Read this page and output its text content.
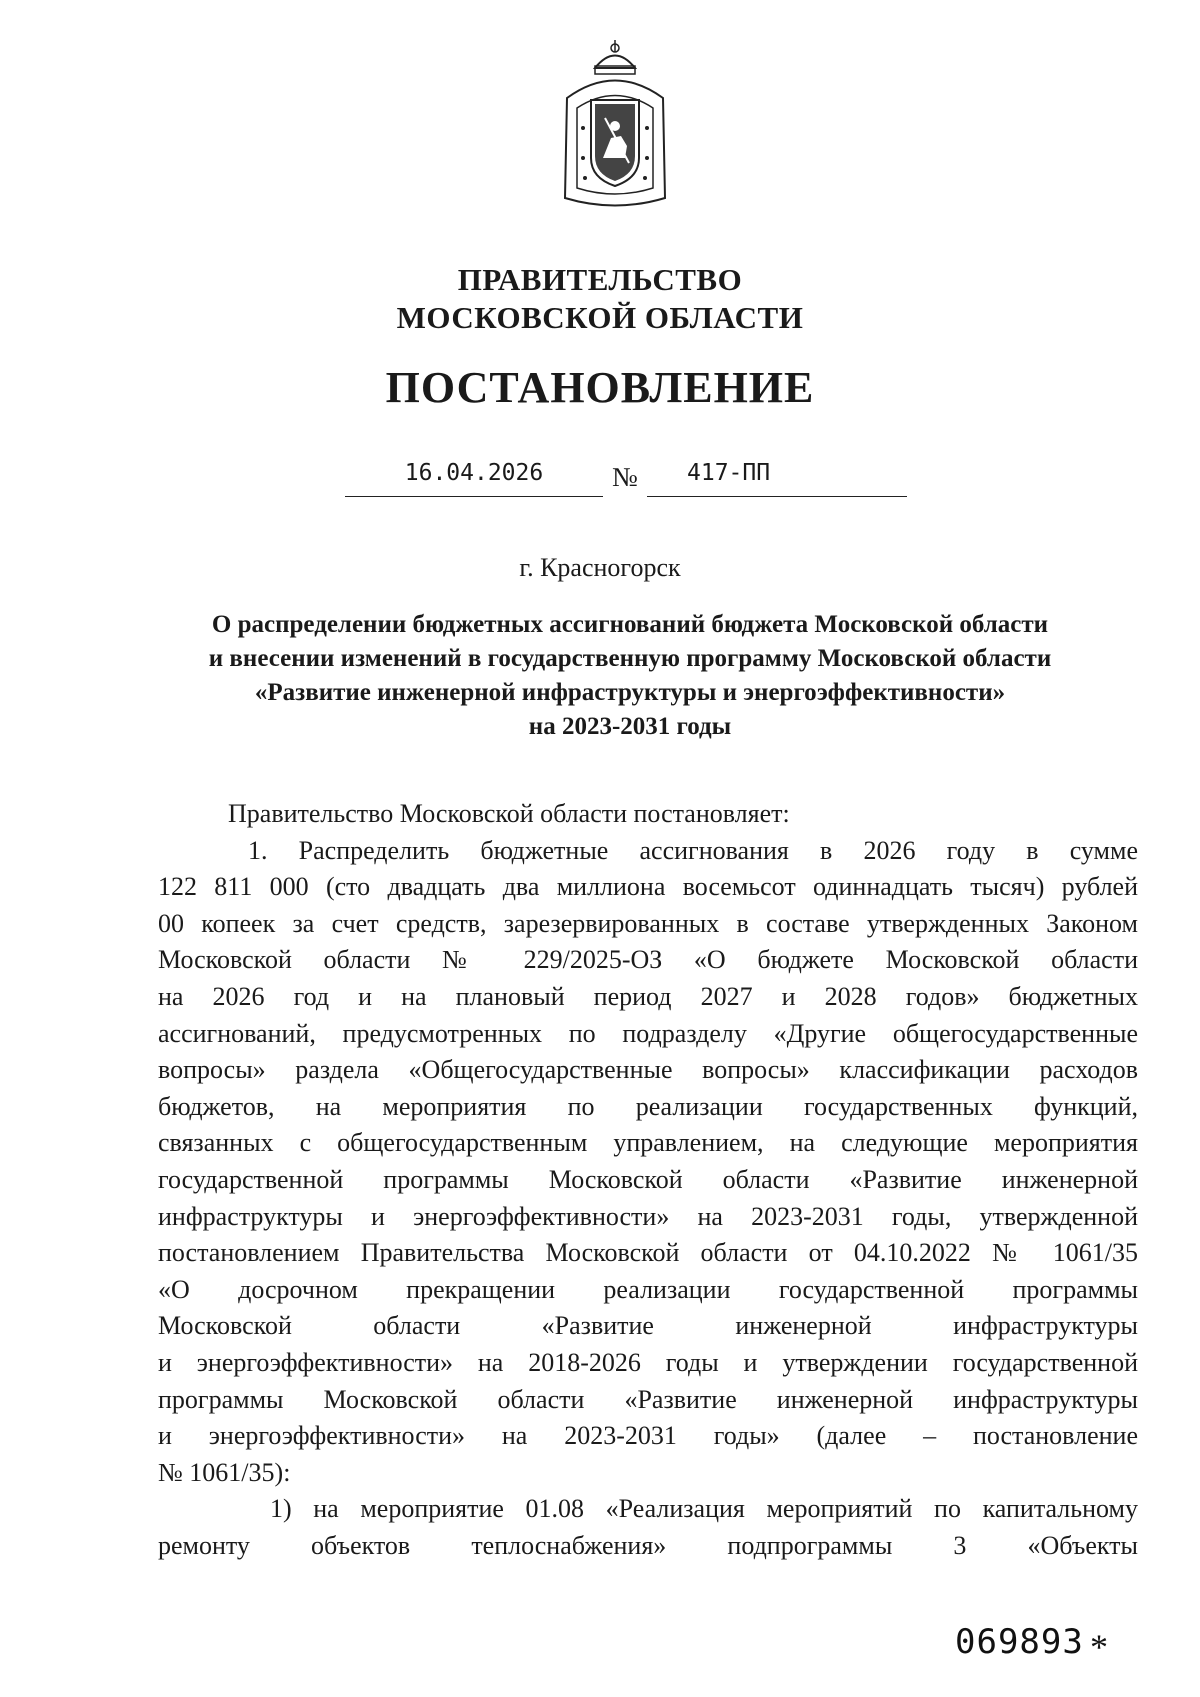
ПРАВИТЕЛЬСТВО
МОСКОВСКОЙ ОБЛАСТИ
ПОСТАНОВЛЕНИЕ
16.04.2026	№	417-ПП
г. Красногорск
О распределении бюджетных ассигнований бюджета Московской области
и внесении изменений в государственную программу Московской области
«Развитие инженерной инфраструктуры и энергоэффективности»
на 2023-2031 годы
Правительство Московской области постановляет:
1. Распределить бюджетные ассигнования в 2026 году в сумме
122 811 000 (сто двадцать два миллиона восемьсот одиннадцать тысяч) рублей
00 копеек за счет средств, зарезервированных в составе утвержденных Законом
Московской области № 229/2025-ОЗ «О бюджете Московской области
на 2026 год и на плановый период 2027 и 2028 годов» бюджетных
ассигнований, предусмотренных по подразделу «Другие общегосударственные
вопросы» раздела «Общегосударственные вопросы» классификации расходов
бюджетов, на мероприятия по реализации государственных функций,
связанных с общегосударственным управлением, на следующие мероприятия
государственной программы Московской области «Развитие инженерной
инфраструктуры и энергоэффективности» на 2023-2031 годы, утвержденной
постановлением Правительства Московской области от 04.10.2022 № 1061/35
«О досрочном прекращении реализации государственной программы
Московской области «Развитие инженерной инфраструктуры
и энергоэффективности» на 2018-2026 годы и утверждении государственной
программы Московской области «Развитие инженерной инфраструктуры
и энергоэффективности» на 2023-2031 годы» (далее – постановление
№ 1061/35):
1) на мероприятие 01.08 «Реализация мероприятий по капитальному
ремонту объектов теплоснабжения» подпрограммы 3 «Объекты
069893 *
